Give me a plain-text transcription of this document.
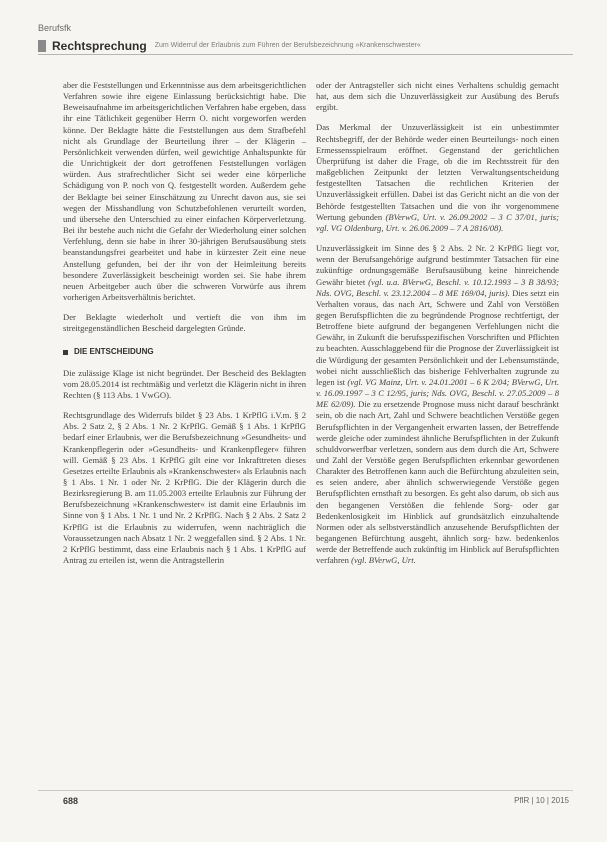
Berufsfk
Rechtsprechung Zum Widerruf der Erlaubnis zum Führen der Berufsbezeichnung »Krankenschwester«

aber die Feststellungen und Erkenntnisse aus dem arbeitsgerichtlichen Verfahren sowie ihre eigene Einlassung berücksichtigt habe. Die Beweisaufnahme im arbeitsgerichtlichen Verfahren habe ergeben, dass ihr eine Tätlichkeit gegenüber Herrn O. nicht vorgeworfen werden könne. Der Beklagte hätte die Feststellungen aus dem Strafbefehl nicht als Grundlage der Beurteilung ihrer – der Klägerin – Persönlichkeit verwenden dürfen, weil gewichtige Anhaltspunkte für die Unrichtigkeit der dort getroffenen Feststellungen vorlägen würden. Aus strafrechtlicher Sicht sei weder eine körperliche Schädigung von P. noch von Q. festgestellt worden. Außerdem gehe der Beklagte bei seiner Einschätzung zu Unrecht davon aus, sie sei wegen der Misshandlung von Schutzbefohlenen verurteilt worden, und übersehe den Unterschied zu einer einfachen Körperverletzung. Bei ihr bestehe auch nicht die Gefahr der Wiederholung einer solchen Verfehlung, denn sie habe in ihrer 30-jährigen Berufsausübung stets beanstandungsfrei gearbeitet und habe in kürzester Zeit eine neue Anstellung gefunden, bei der ihr von der Heimleitung bereits besondere Zuverlässigkeit bescheinigt worden sei. Sie habe ihrem neuen Arbeitgeber auch über die schweren Vorwürfe aus ihrem vorherigen Arbeitsverhältnis berichtet.

Der Beklagte wiederholt und vertieft die von ihm im streitgegenständlichen Bescheid dargelegten Gründe.

DIE ENTSCHEIDUNG

Die zulässige Klage ist nicht begründet. Der Bescheid des Beklagten vom 28.05.2014 ist rechtmäßig und verletzt die Klägerin nicht in ihren Rechten (§ 113 Abs. 1 VwGO).

Rechtsgrundlage des Widerrufs bildet § 23 Abs. 1 KrPflG i.V.m. § 2 Abs. 2 Satz 2, § 2 Abs. 1 Nr. 2 KrPflG. Gemäß § 1 Abs. 1 KrPflG bedarf einer Erlaubnis, wer die Berufsbezeichnung »Gesundheits- und Krankenpflegerin oder »Gesundheits- und Krankenpfleger« führen will. Gemäß § 23 Abs. 1 KrPflG gilt eine vor Inkrafttreten dieses Gesetzes erteilte Erlaubnis als »Krankenschwester« als Erlaubnis nach § 1 Abs. 1 Nr. 1 oder Nr. 2 KrPflG. Die der Klägerin durch die Bezirksregierung B. am 11.05.2003 erteilte Erlaubnis zur Führung der Berufsbezeichnung »Krankenschwester« ist damit eine Erlaubnis im Sinne von § 1 Abs. 1 Nr. 1 und Nr. 2 KrPflG. Nach § 2 Abs. 2 Satz 2 KrPflG ist die Erlaubnis zu widerrufen, wenn nachträglich die Voraussetzungen nach Absatz 1 Nr. 2 weggefallen sind. § 2 Abs. 1 Nr. 2 KrPflG bestimmt, dass eine Erlaubnis nach § 1 Abs. 1 KrPflG auf Antrag zu erteilen ist, wenn die Antragstellerin

oder der Antragsteller sich nicht eines Verhaltens schuldig gemacht hat, aus dem sich die Unzuverlässigkeit zur Ausübung des Berufs ergibt.

Das Merkmal der Unzuverlässigkeit ist ein unbestimmter Rechtsbegriff, der der Behörde weder einen Beurteilungs- noch einen Ermessensspielraum eröffnet. Gegenstand der gerichtlichen Überprüfung ist daher die Frage, ob die im Rechtsstreit für den maßgeblichen Zeitpunkt der letzten Verwaltungsentscheidung festgestellten Tatsachen die rechtlichen Kriterien der Unzuverlässigkeit erfüllen. Dabei ist das Gericht nicht an die von der Behörde festgestellten Tatsachen und die von ihr vorgenommene Wertung gebunden (BVerwG, Urt. v. 26.09.2002 – 3 C 37/01, juris; vgl. VG Oldenburg, Urt. v. 26.06.2009 – 7 A 2816/08).

Unzuverlässigkeit im Sinne des § 2 Abs. 2 Nr. 2 KrPflG liegt vor, wenn der Berufsangehörige aufgrund bestimmter Tatsachen für eine zukünftige ordnungsgemäße Berufsausübung keine hinreichende Gewähr bietet (vgl. u.a. BVerwG, Beschl. v. 10.12.1993 – 3 B 38/93; Nds. OVG, Beschl. v. 23.12.2004 – 8 ME 169/04, juris). Dies setzt ein Verhalten voraus, das nach Art, Schwere und Zahl von Verstößen gegen Berufspflichten die zu begründende Prognose rechtfertigt, der Betroffene biete aufgrund der begangenen Verfehlungen nicht die Gewähr, in Zukunft die berufsspezifischen Vorschriften und Pflichten zu beachten. Ausschlaggebend für die Prognose der Zuverlässigkeit ist die Würdigung der gesamten Persönlichkeit und der Lebensumstände, wobei nicht ausschließlich das bisherige Fehlverhalten zugrunde zu legen ist (vgl. VG Mainz, Urt. v. 24.01.2001 – 6 K 2/04; BVerwG, Urt. v. 16.09.1997 – 3 C 12/95, juris; Nds. OVG, Beschl. v. 27.05.2009 – 8 ME 62/09). Die zu ersetzende Prognose muss nicht darauf beschränkt sein, ob die nach Art, Zahl und Schwere beachtlichen Verstöße gegen Berufspflichten in der Vergangenheit erwarten lassen, der Betreffende werde gleiche oder zumindest ähnliche Berufspflichten in der Zukunft schuldvorwerfbar verletzen, sondern aus dem durch die Art, Schwere und Zahl der Verstöße gegen Berufspflichten erkennbar gewordenen Charakter des Betroffenen kann auch die Befürchtung abzuleiten sein, es seien andere, aber ähnlich schwerwiegende Verstöße gegen Berufspflichten ernsthaft zu besorgen. Es geht also darum, ob sich aus den begangenen Verstößen die fehlende Sorg- oder gar Bedenkenlosigkeit im Hinblick auf grundsätzlich einzuhaltende Normen oder als selbstverständlich anzusehende Berufspflichten der begangenen Befürchtung ausgeht, ähnlich sorg- bzw. bedenkenlos werde der Betreffende auch zukünftig im Hinblick auf Berufspflichten verfahren (vgl. BVerwG, Urt.

688	PflR | 10 | 2015
